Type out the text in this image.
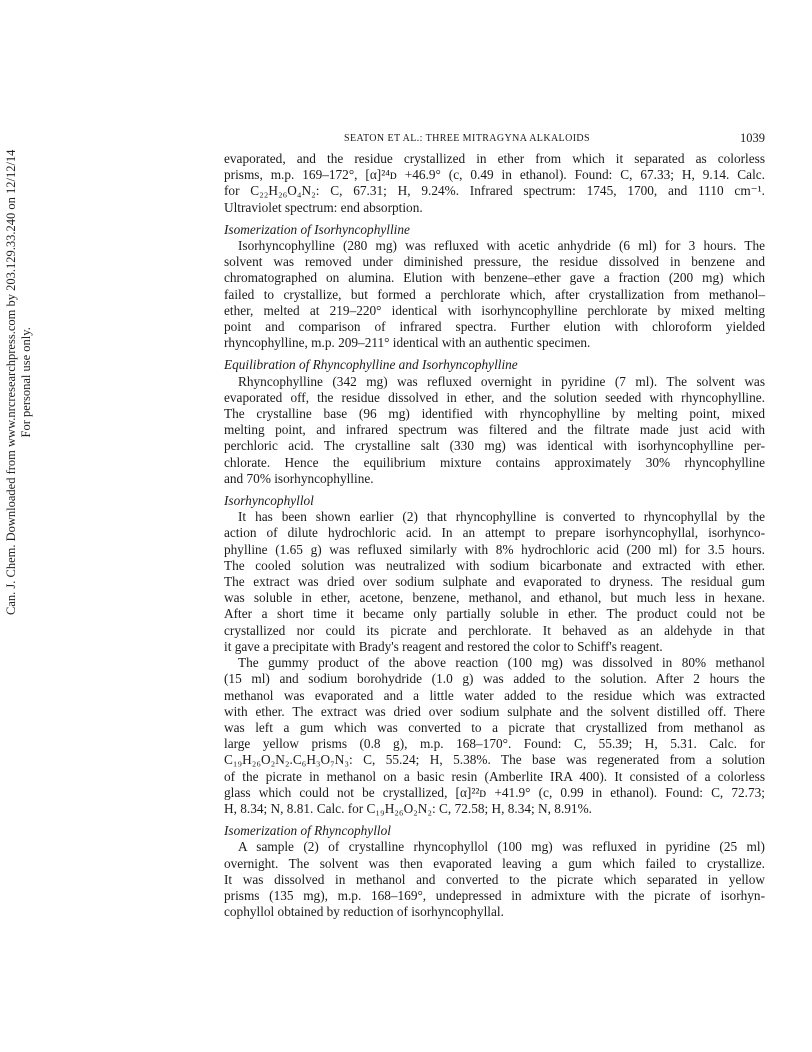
Can. J. Chem. Downloaded from www.nrcresearchpress.com by 203.129.33.240 on 12/12/14 For personal use only.
SEATON ET AL.: THREE MITRAGYNA ALKALOIDS	1039

evaporated, and the residue crystallized in ether from which it separated as colorless

prisms, m.p. 169–172°, [α]²⁴ᴅ +46.9° (c, 0.49 in ethanol). Found: C, 67.33; H, 9.14. Calc.

for C₂₂H₂₆O₄N₂: C, 67.31; H, 9.24%. Infrared spectrum: 1745, 1700, and 1110 cm⁻¹.

Ultraviolet spectrum: end absorption.

Isomerization of Isorhyncophylline

Isorhyncophylline (280 mg) was refluxed with acetic anhydride (6 ml) for 3 hours. The

solvent was removed under diminished pressure, the residue dissolved in benzene and

chromatographed on alumina. Elution with benzene–ether gave a fraction (200 mg) which

failed to crystallize, but formed a perchlorate which, after crystallization from methanol–

ether, melted at 219–220° identical with isorhyncophylline perchlorate by mixed melting

point and comparison of infrared spectra. Further elution with chloroform yielded

rhyncophylline, m.p. 209–211° identical with an authentic specimen.

Equilibration of Rhyncophylline and Isorhyncophylline

Rhyncophylline (342 mg) was refluxed overnight in pyridine (7 ml). The solvent was

evaporated off, the residue dissolved in ether, and the solution seeded with rhyncophylline.

The crystalline base (96 mg) identified with rhyncophylline by melting point, mixed

melting point, and infrared spectrum was filtered and the filtrate made just acid with

perchloric acid. The crystalline salt (330 mg) was identical with isorhyncophylline per-

chlorate. Hence the equilibrium mixture contains approximately 30% rhyncophylline

and 70% isorhyncophylline.

Isorhyncophyllol

It has been shown earlier (2) that rhyncophylline is converted to rhyncophyllal by the

action of dilute hydrochloric acid. In an attempt to prepare isorhyncophyllal, isorhynco-

phylline (1.65 g) was refluxed similarly with 8% hydrochloric acid (200 ml) for 3.5 hours.

The cooled solution was neutralized with sodium bicarbonate and extracted with ether.

The extract was dried over sodium sulphate and evaporated to dryness. The residual gum

was soluble in ether, acetone, benzene, methanol, and ethanol, but much less in hexane.

After a short time it became only partially soluble in ether. The product could not be

crystallized nor could its picrate and perchlorate. It behaved as an aldehyde in that

it gave a precipitate with Brady's reagent and restored the color to Schiff's reagent.

The gummy product of the above reaction (100 mg) was dissolved in 80% methanol

(15 ml) and sodium borohydride (1.0 g) was added to the solution. After 2 hours the

methanol was evaporated and a little water added to the residue which was extracted

with ether. The extract was dried over sodium sulphate and the solvent distilled off. There

was left a gum which was converted to a picrate that crystallized from methanol as

large yellow prisms (0.8 g), m.p. 168–170°. Found: C, 55.39; H, 5.31. Calc. for

C₁₉H₂₆O₂N₂.C₆H₃O₇N₃: C, 55.24; H, 5.38%. The base was regenerated from a solution

of the picrate in methanol on a basic resin (Amberlite IRA 400). It consisted of a colorless

glass which could not be crystallized, [α]²²ᴅ +41.9° (c, 0.99 in ethanol). Found: C, 72.73;

H, 8.34; N, 8.81. Calc. for C₁₉H₂₆O₂N₂: C, 72.58; H, 8.34; N, 8.91%.

Isomerization of Rhyncophyllol

A sample (2) of crystalline rhyncophyllol (100 mg) was refluxed in pyridine (25 ml)

overnight. The solvent was then evaporated leaving a gum which failed to crystallize.

It was dissolved in methanol and converted to the picrate which separated in yellow

prisms (135 mg), m.p. 168–169°, undepressed in admixture with the picrate of isorhyn-

cophyllol obtained by reduction of isorhyncophyllal.
